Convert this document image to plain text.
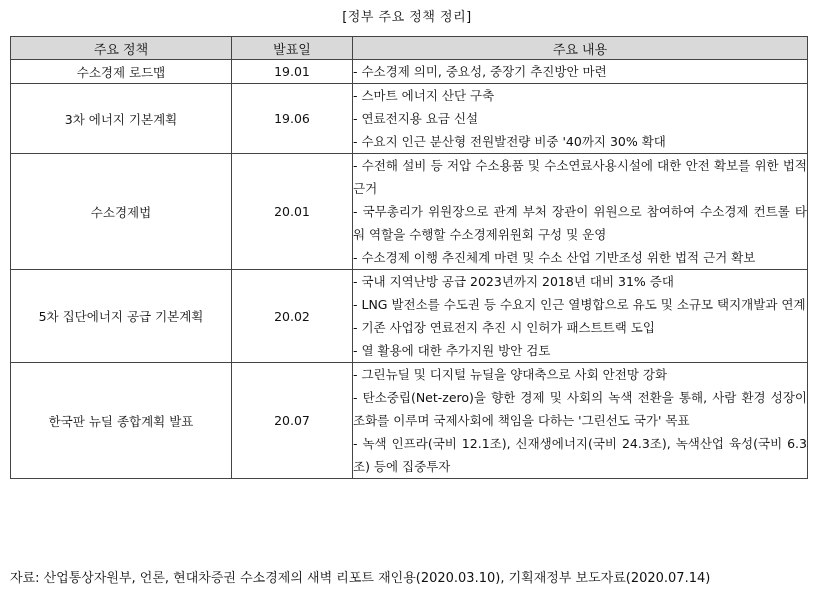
[정부 주요 정책 정리]
주요 정책	발표일	주요 내용
수소경제 로드맵	19.01	- 수소경제 의미, 중요성, 중장기 추진방안 마련

3차 에너지 기본계획	19.06	- 스마트 에너지 산단 구축
- 연료전지용 요금 신설
- 수요지 인근 분산형 전원발전량 비중 '40까지 30% 확대

수소경제법	20.01	- 수전해 설비 등 저압 수소용품 및 수소연료사용시설에 대한 안전 확보를 위한 법적 근거
- 국무총리가 위원장으로 관계 부처 장관이 위원으로 참여하여 수소경제 컨트롤 타워 역할을 수행할 수소경제위원회 구성 및 운영
- 수소경제 이행 추진체계 마련 및 수소 산업 기반조성 위한 법적 근거 확보

5차 집단에너지 공급 기본계획	20.02	- 국내 지역난방 공급 2023년까지 2018년 대비 31% 증대
- LNG 발전소를 수도권 등 수요지 인근 열병합으로 유도 및 소규모 택지개발과 연계
- 기존 사업장 연료전지 추진 시 인허가 패스트트랙 도입
- 열 활용에 대한 추가지원 방안 검토

한국판 뉴딜 종합계획 발표	20.07	- 그린뉴딜 및 디지털 뉴딜을 양대축으로 사회 안전망 강화
- 탄소중립(Net-zero)을 향한 경제 및 사회의 녹색 전환을 통해, 사람 환경 성장이 조화를 이루며 국제사회에 책임을 다하는 '그린선도 국가' 목표
- 녹색 인프라(국비 12.1조), 신재생에너지(국비 24.3조), 녹색산업 육성(국비 6.3조) 등에 집중투자
자료: 산업통상자원부, 언론, 현대차증권 수소경제의 새벽 리포트 재인용(2020.03.10), 기획재정부 보도자료(2020.07.14)
